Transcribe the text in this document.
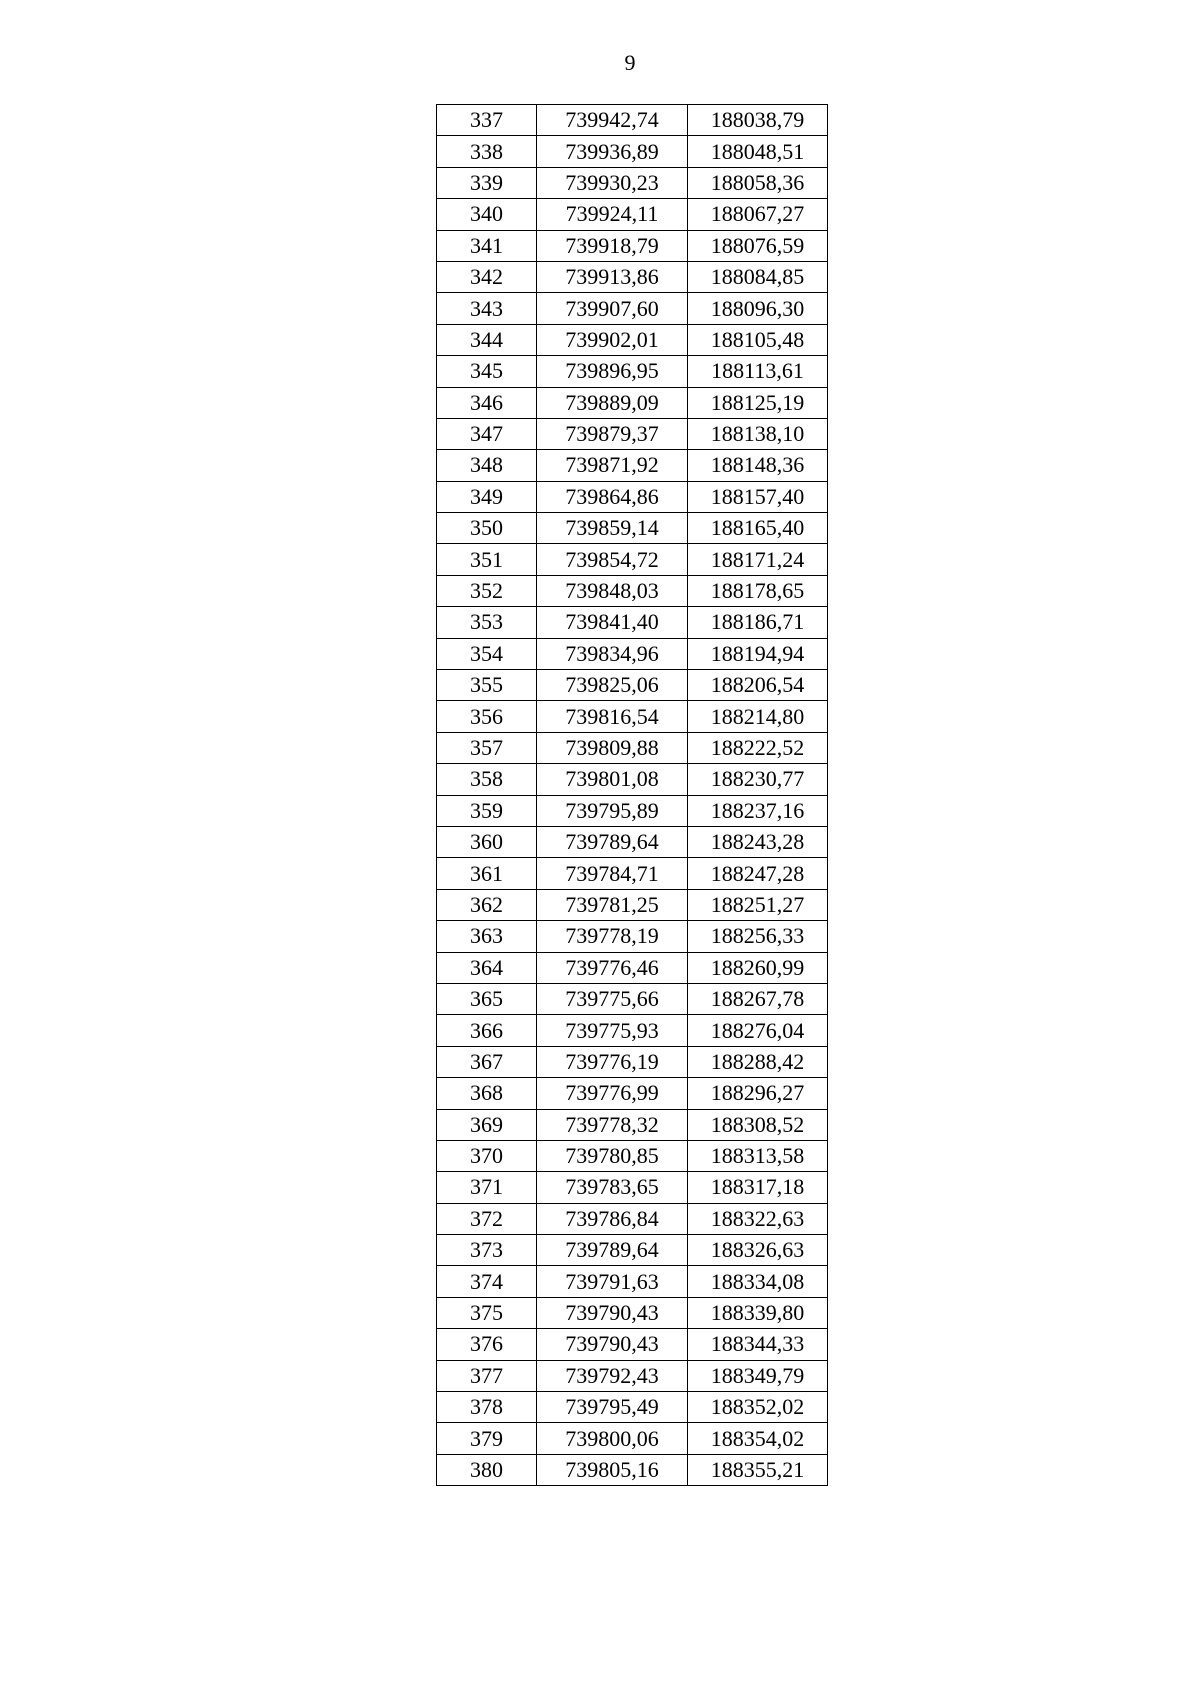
9
337	739942,74	188038,79
338	739936,89	188048,51
339	739930,23	188058,36
340	739924,11	188067,27
341	739918,79	188076,59
342	739913,86	188084,85
343	739907,60	188096,30
344	739902,01	188105,48
345	739896,95	188113,61
346	739889,09	188125,19
347	739879,37	188138,10
348	739871,92	188148,36
349	739864,86	188157,40
350	739859,14	188165,40
351	739854,72	188171,24
352	739848,03	188178,65
353	739841,40	188186,71
354	739834,96	188194,94
355	739825,06	188206,54
356	739816,54	188214,80
357	739809,88	188222,52
358	739801,08	188230,77
359	739795,89	188237,16
360	739789,64	188243,28
361	739784,71	188247,28
362	739781,25	188251,27
363	739778,19	188256,33
364	739776,46	188260,99
365	739775,66	188267,78
366	739775,93	188276,04
367	739776,19	188288,42
368	739776,99	188296,27
369	739778,32	188308,52
370	739780,85	188313,58
371	739783,65	188317,18
372	739786,84	188322,63
373	739789,64	188326,63
374	739791,63	188334,08
375	739790,43	188339,80
376	739790,43	188344,33
377	739792,43	188349,79
378	739795,49	188352,02
379	739800,06	188354,02
380	739805,16	188355,21
